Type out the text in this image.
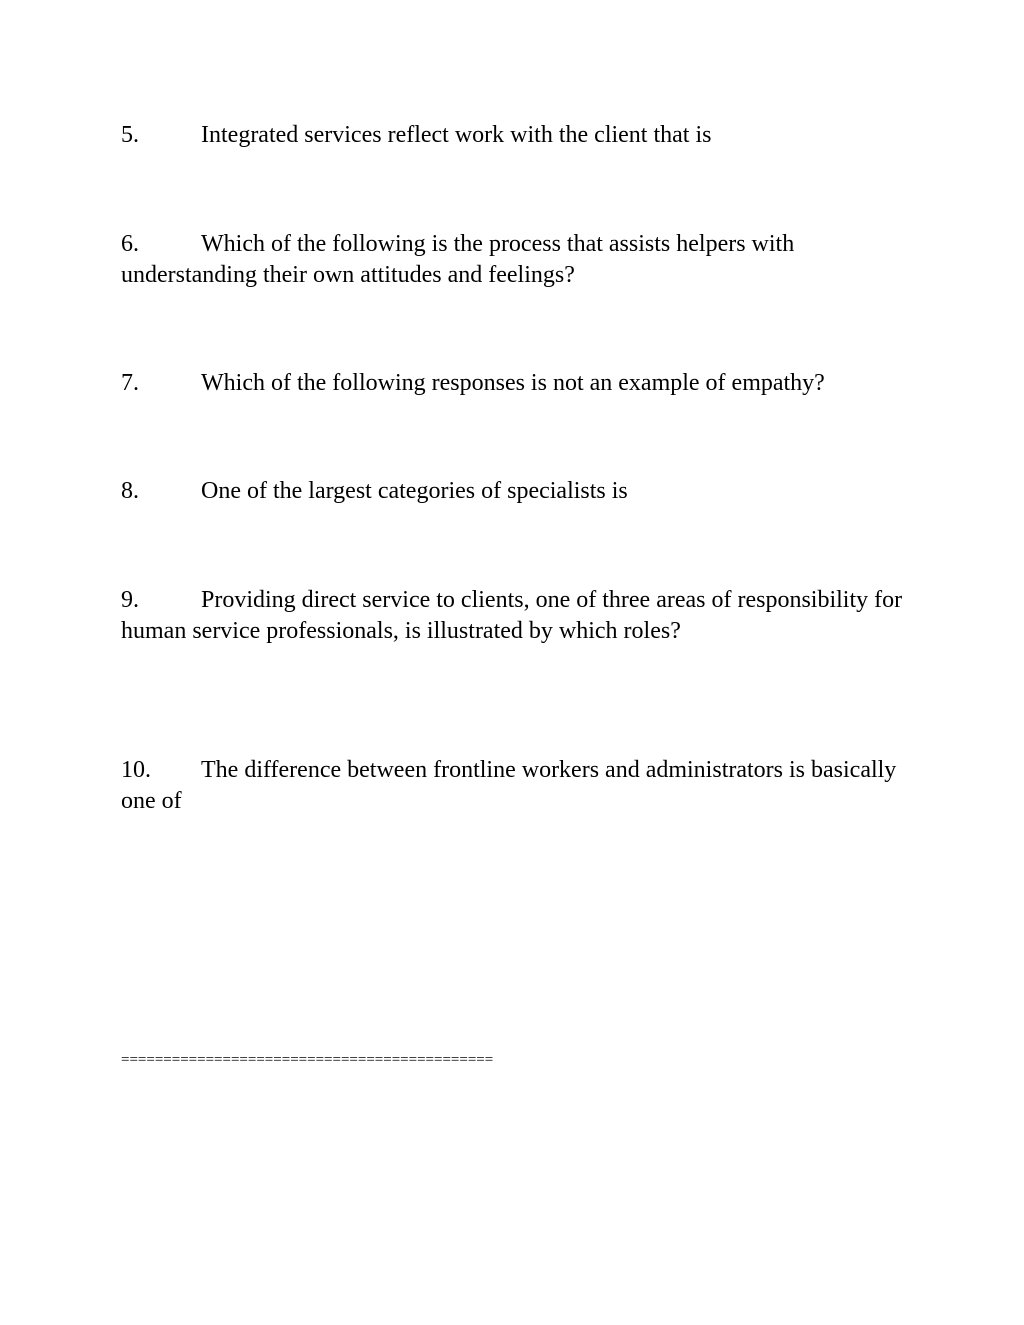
5.	Integrated services reflect work with the client that is

6.	Which of the following is the process that assists helpers with understanding their own attitudes and feelings?

7.	Which of the following responses is not an example of empathy?

8.	One of the largest categories of specialists is

9.	Providing direct service to clients, one of three areas of responsibility for human service professionals, is illustrated by which roles?

10. The difference between frontline workers and administrators is basically one of

============================================
